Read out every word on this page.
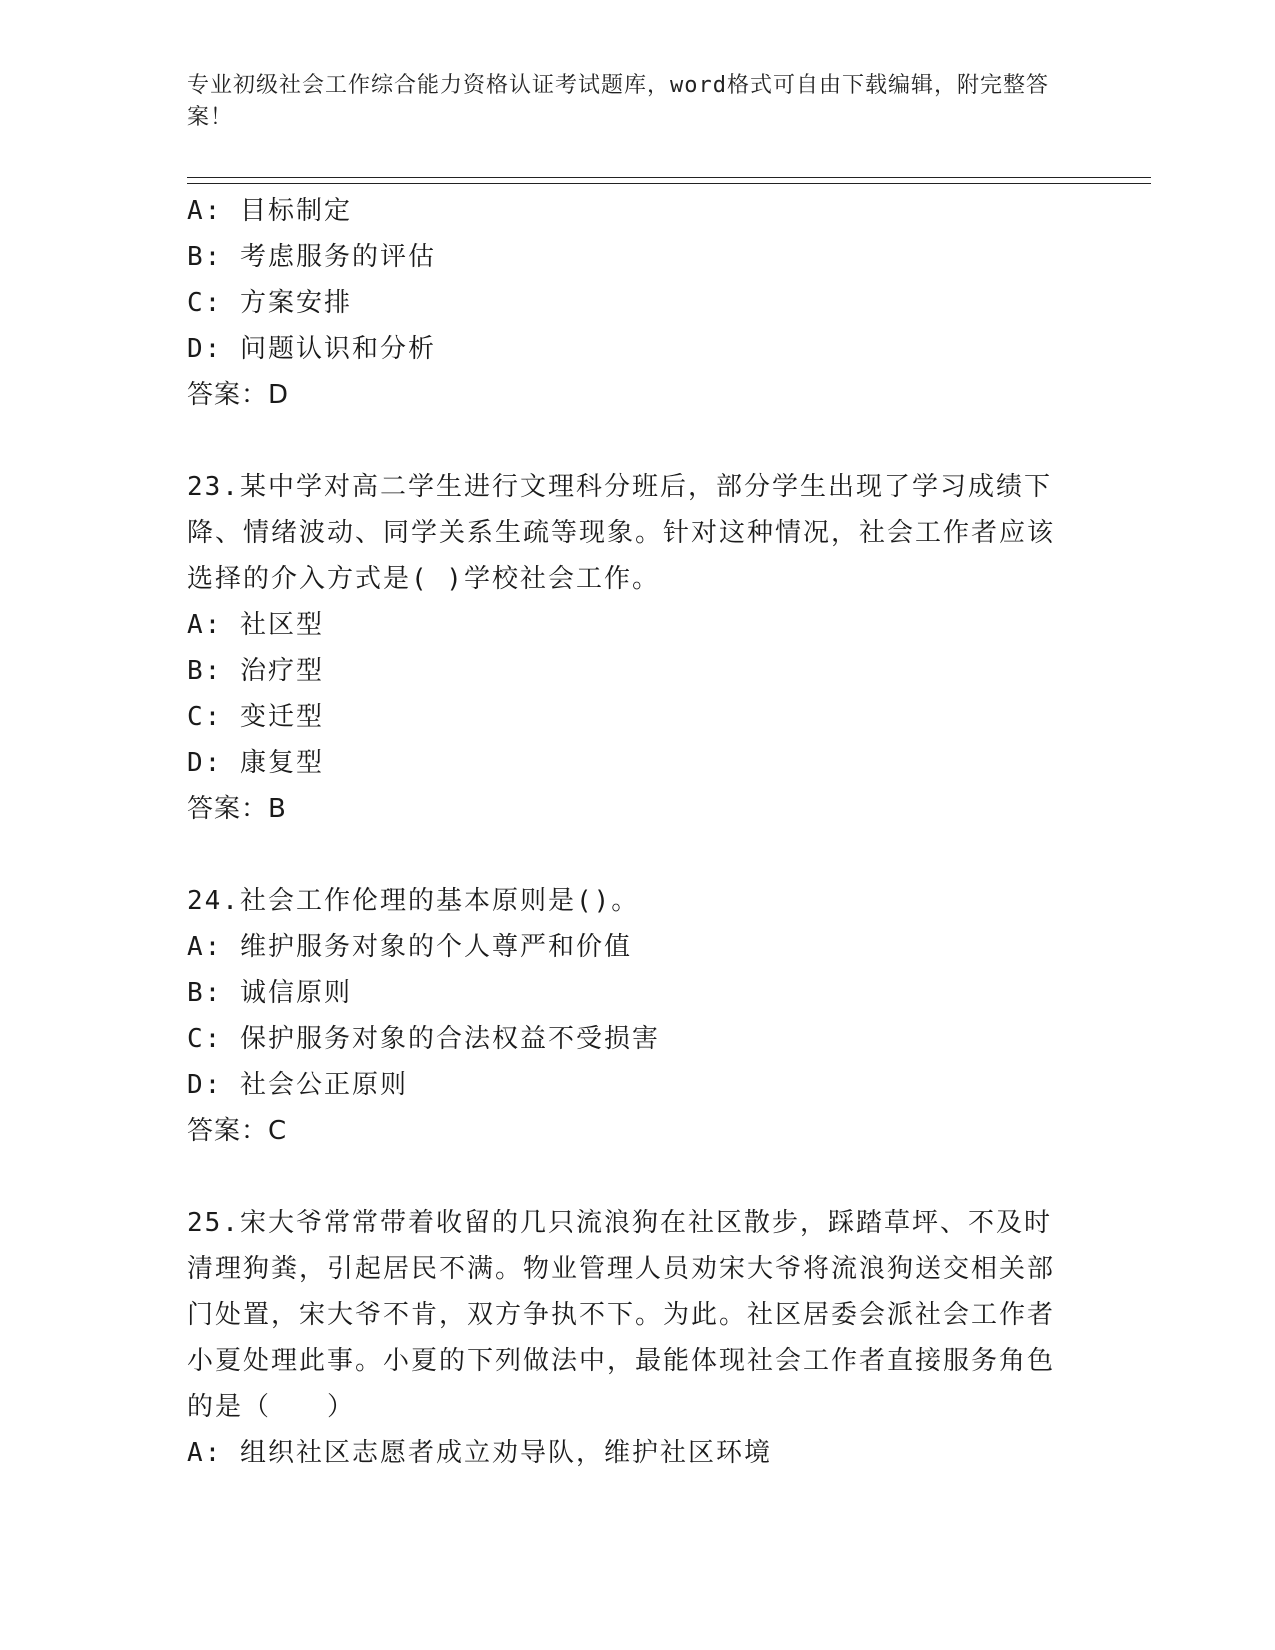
专业初级社会工作综合能力资格认证考试题库，word格式可自由下载编辑，附完整答案！
A: 目标制定
B: 考虑服务的评估
C: 方案安排
D: 问题认识和分析
答案：D
23.某中学对高二学生进行文理科分班后，部分学生出现了学习成绩下降、情绪波动、同学关系生疏等现象。针对这种情况，社会工作者应该选择的介入方式是( )学校社会工作。
A: 社区型
B: 治疗型
C: 变迁型
D: 康复型
答案：B
24.社会工作伦理的基本原则是()。
A: 维护服务对象的个人尊严和价值
B: 诚信原则
C: 保护服务对象的合法权益不受损害
D: 社会公正原则
答案：C
25.宋大爷常常带着收留的几只流浪狗在社区散步，踩踏草坪、不及时清理狗粪，引起居民不满。物业管理人员劝宋大爷将流浪狗送交相关部门处置，宋大爷不肯，双方争执不下。为此。社区居委会派社会工作者小夏处理此事。小夏的下列做法中，最能体现社会工作者直接服务角色的是（　　）
A: 组织社区志愿者成立劝导队，维护社区环境
